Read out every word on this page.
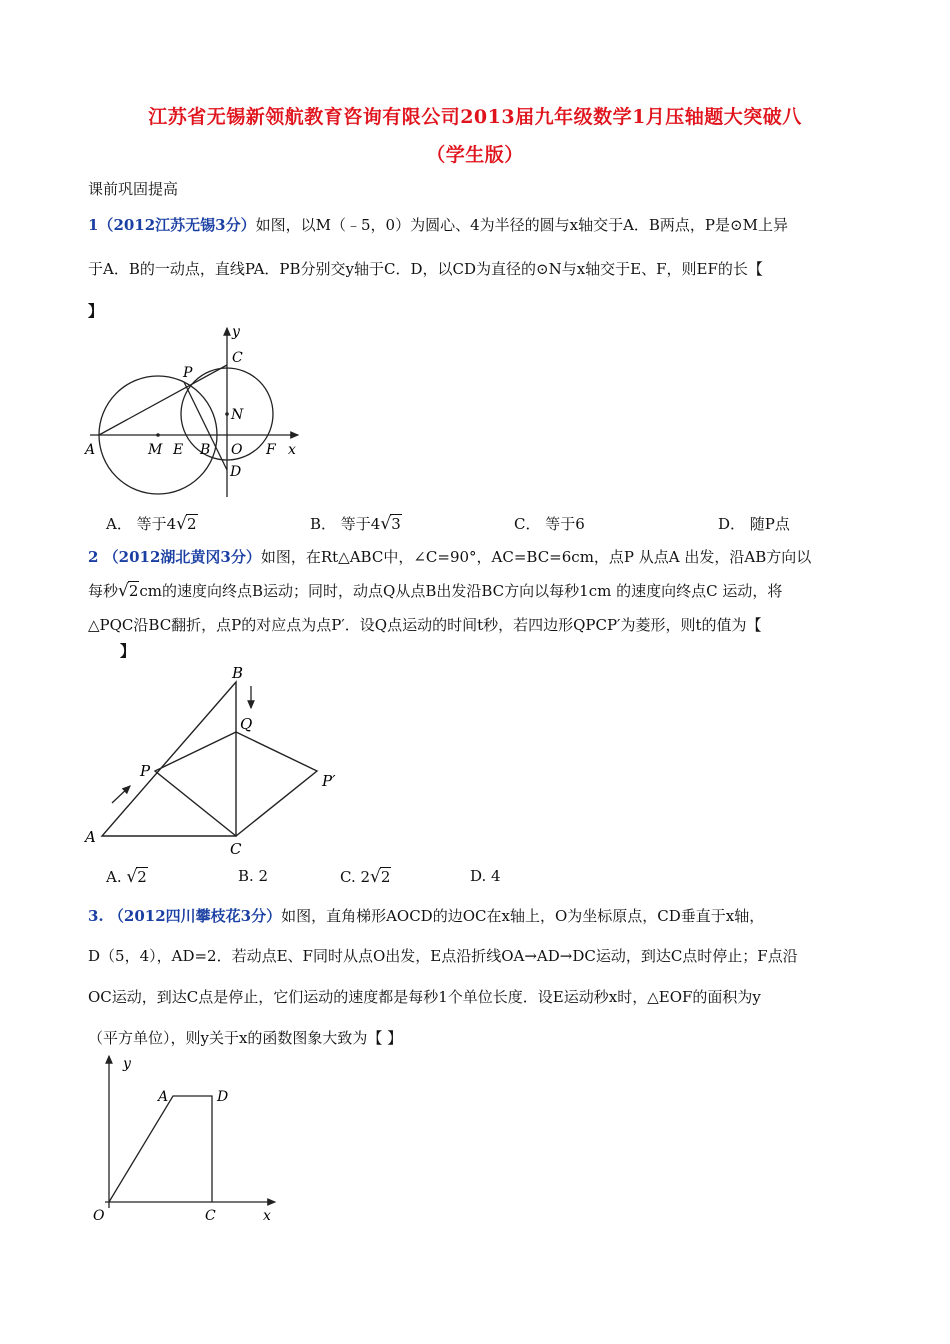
江苏省无锡新领航教育咨询有限公司2013届九年级数学1月压轴题大突破八
（学生版）
课前巩固提高
1（2012江苏无锡3分）如图，以M（﹣5，0）为圆心、4为半径的圆与x轴交于A．B两点，P是⊙M上异
于A．B的一动点，直线PA．PB分别交y轴于C．D，以CD为直径的⊙N与x轴交于E、F，则EF的长【
】
y
C
P
N
A	M E B O F x
D
A． 等于4√2	B． 等于4√3	C． 等于6	D． 随P点
2 （2012湖北黄冈3分）如图，在Rt△ABC中，∠C=90°，AC=BC=6cm，点P 从点A 出发，沿AB方向以
每秒√2cm的速度向终点B运动；同时，动点Q从点B出发沿BC方向以每秒1cm 的速度向终点C 运动，将
△PQC沿BC翻折，点P的对应点为点P′．设Q点运动的时间t秒，若四边形QPCP′为菱形，则t的值为【
】
B
Q
P
P′
A
C
A. √2	B. 2	C. 2√2	D. 4
3. （2012四川攀枝花3分）如图，直角梯形AOCD的边OC在x轴上，O为坐标原点，CD垂直于x轴，
D（5，4），AD=2．若动点E、F同时从点O出发，E点沿折线OA→AD→DC运动，到达C点时停止；F点沿
OC运动，到达C点是停止，它们运动的速度都是每秒1个单位长度．设E运动秒x时，△EOF的面积为y
（平方单位），则y关于x的函数图象大致为【 】
y
A	D
O	C	x
